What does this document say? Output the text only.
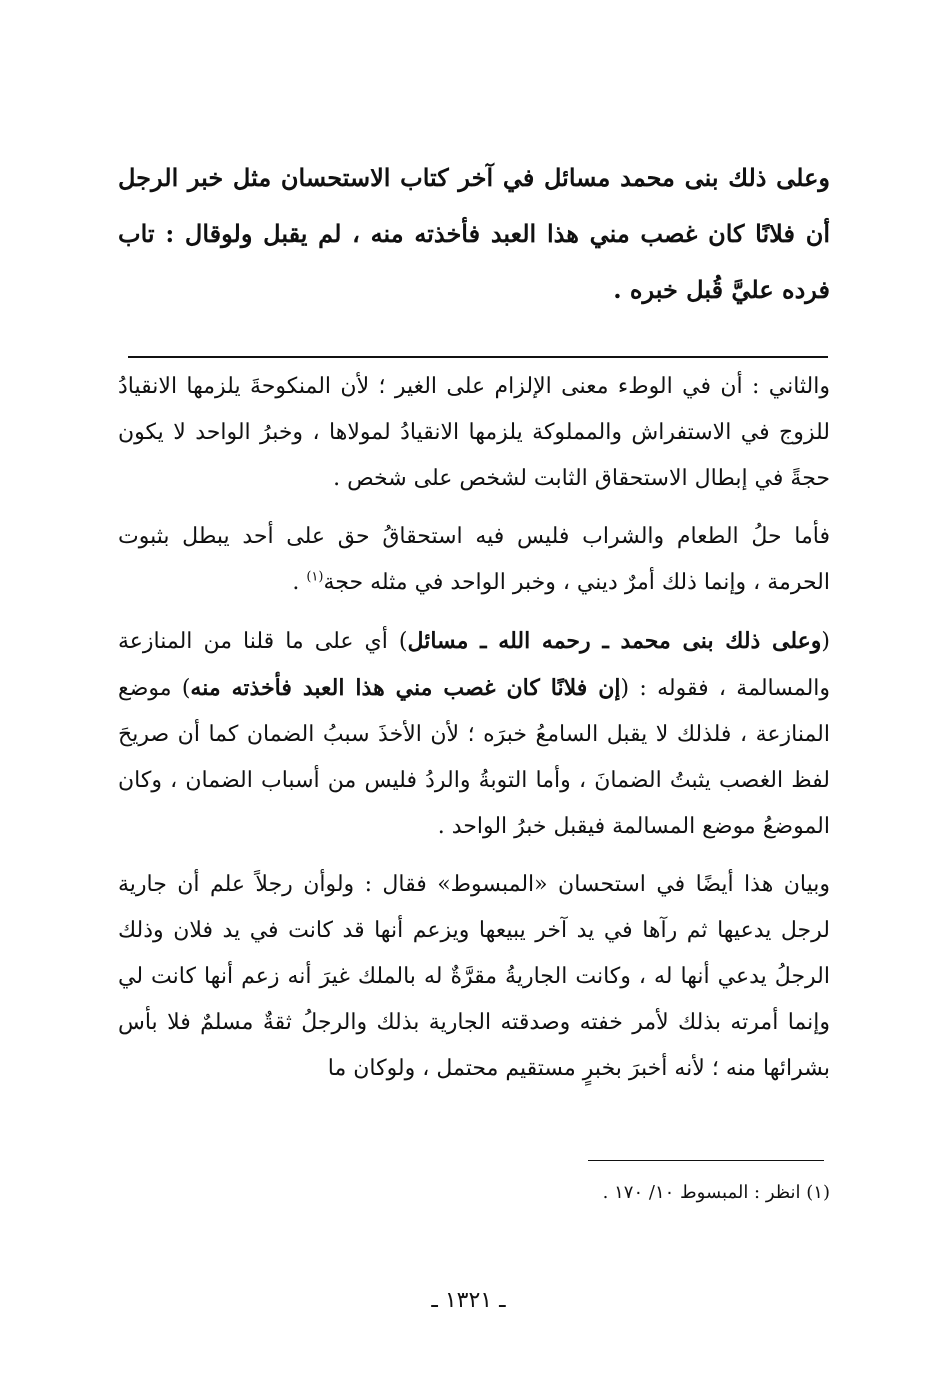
وعلى ذلك بنى محمد مسائل في آخر كتاب الاستحسان مثل خبر الرجل أن فلانًا كان غصب مني هذا العبد فأخذته منه ، لم يقبل ولوقال : تاب فرده عليَّ قُبل خبره .

والثاني : أن في الوطء معنى الإلزام على الغير ؛ لأن المنكوحةَ يلزمها الانقيادُ للزوج في الاستفراش والمملوكة يلزمها الانقيادُ لمولاها ، وخبرُ الواحد لا يكون حجةً في إبطال الاستحقاق الثابت لشخص على شخص .

فأما حلُ الطعام والشراب فليس فيه استحقاقُ حق على أحد يبطل بثبوت الحرمة ، وإنما ذلك أمرٌ ديني ، وخبر الواحد في مثله حجة$^{(١)}$ .

(وعلى ذلك بنى محمد ـ رحمه الله ـ مسائل) أي على ما قلنا من المنازعة والمسالمة ، فقوله : (إن فلانًا كان غصب مني هذا العبد فأخذته منه) موضع المنازعة ، فلذلك لا يقبل السامعُ خبرَه ؛ لأن الأخذَ سببُ الضمان كما أن صريحَ لفظ الغصب يثبتُ الضمانَ ، وأما التوبةُ والردُ فليس من أسباب الضمان ، وكان الموضعُ موضع المسالمة فيقبل خبرُ الواحد .

وبيان هذا أيضًا في استحسان «المبسوط» فقال : ولوأن رجلاً علم أن جارية لرجل يدعيها ثم رآها في يد آخر يبيعها ويزعم أنها قد كانت في يد فلان وذلك الرجلُ يدعي أنها له ، وكانت الجاريةُ مقرَّةٌ له بالملك غيرَ أنه زعم أنها كانت لي وإنما أمرته بذلك لأمر خفته وصدقته الجارية بذلك والرجلُ ثقةٌ مسلمٌ فلا بأس بشرائها منه ؛ لأنه أخبرَ بخبرٍ مستقيم محتمل ، ولوكان ما

(١) انظر : المبسوط ١٠/ ١٧٠ .
ـ ١٣٢١ ـ
